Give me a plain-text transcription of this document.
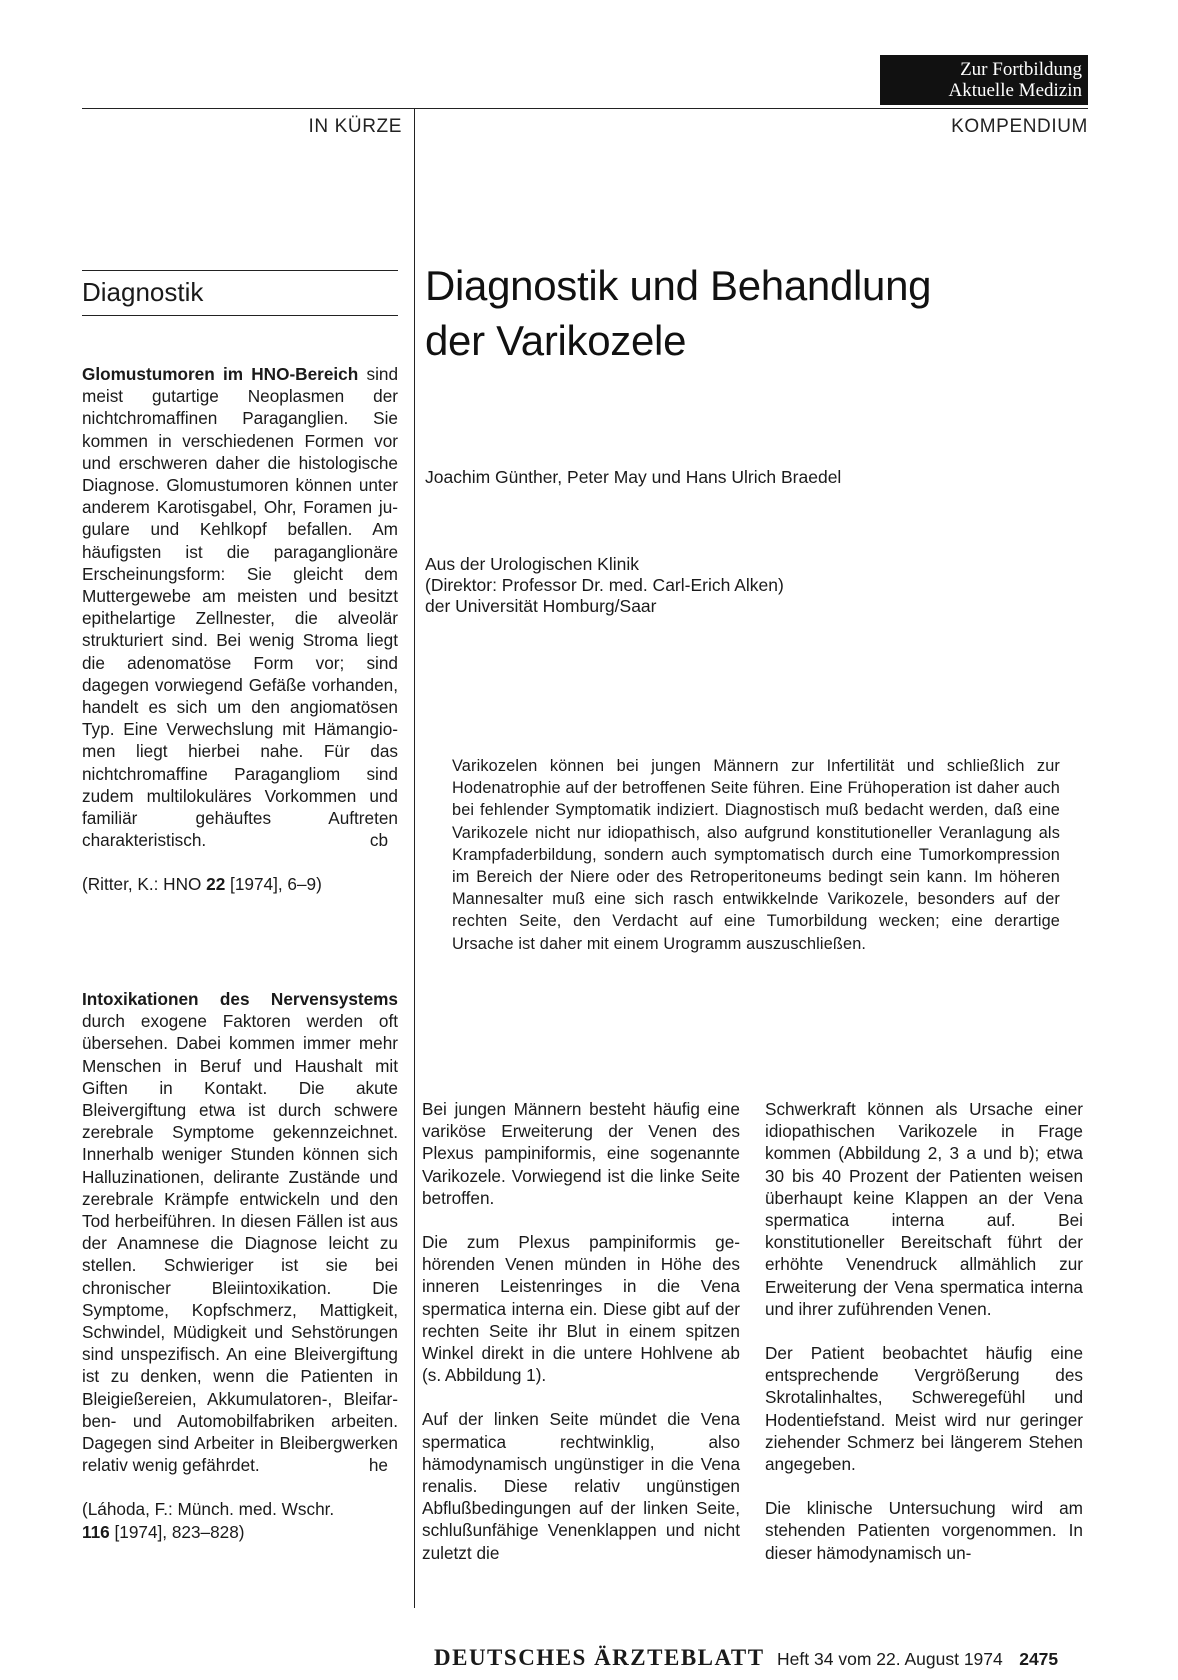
Zur Fortbildung
Aktuelle Medizin
IN KÜRZE	KOMPENDIUM
Diagnostik

Glomustumoren im HNO-Bereich sind meist gutartige Neoplasmen der nichtchromaffinen Paraganglien. Sie kommen in verschiedenen Formen vor und erschweren daher die histologische Diagnose. Glomustumoren können unter anderem Karotisgabel, Ohr, Foramen jugulare und Kehlkopf befallen. Am häufigsten ist die paraganglionäre Erscheinungsform: Sie gleicht dem Muttergewebe am meisten und besitzt epithelartige Zellnester, die alveolär strukturiert sind. Bei wenig Stroma liegt die adenomatöse Form vor; sind dagegen vorwiegend Gefäße vorhanden, handelt es sich um den angiomatösen Typ. Eine Verwechslung mit Hämangiomen liegt hierbei nahe. Für das nichtchromaffine Paragangliom sind zudem multilokuläres Vorkommen und familiär gehäuftes Auftreten charakteristisch.	cb

(Ritter, K.: HNO 22 [1974], 6–9)

Intoxikationen des Nervensystems durch exogene Faktoren werden oft übersehen. Dabei kommen immer mehr Menschen in Beruf und Haushalt mit Giften in Kontakt. Die akute Bleivergiftung etwa ist durch schwere zerebrale Symptome gekennzeichnet. Innerhalb weniger Stunden können sich Halluzinationen, delirante Zustände und zerebrale Krämpfe entwickeln und den Tod herbeiführen. In diesen Fällen ist aus der Anamnese die Diagnose leicht zu stellen. Schwieriger ist sie bei chronischer Bleiintoxikation. Die Symptome, Kopfschmerz, Mattigkeit, Schwindel, Müdigkeit und Sehstörungen sind unspezifisch. An eine Bleivergiftung ist zu denken, wenn die Patienten in Bleigießereien, Akkumulatoren-, Bleifarben- und Automobilfabriken arbeiten. Dagegen sind Arbeiter in Bleibergwerken relativ wenig gefährdet.	he

(Láhoda, F.: Münch. med. Wschr.
116 [1974], 823–828)

Diagnostik und Behandlung
der Varikozele
Joachim Günther, Peter May und Hans Ulrich Braedel
Aus der Urologischen Klinik
(Direktor: Professor Dr. med. Carl-Erich Alken)
der Universität Homburg/Saar
Varikozelen können bei jungen Männern zur Infertilität und schließlich zur Hodenatrophie auf der betroffenen Seite führen. Eine Frühoperation ist daher auch bei fehlender Symptomatik indiziert. Diagnostisch muß bedacht werden, daß eine Varikozele nicht nur idiopathisch, also aufgrund konstitutioneller Veranlagung als Krampfaderbildung, sondern auch symptomatisch durch eine Tumorkompression im Bereich der Niere oder des Retroperitoneums bedingt sein kann. Im höheren Mannesalter muß eine sich rasch entwikkelnde Varikozele, besonders auf der rechten Seite, den Verdacht auf eine Tumorbildung wecken; eine derartige Ursache ist daher mit einem Urogramm auszuschließen.

Bei jungen Männern besteht häufig eine variköse Erweiterung der Venen des Plexus pampiniformis, eine sogenannte Varikozele. Vorwiegend ist die linke Seite betroffen.

Die zum Plexus pampiniformis gehörenden Venen münden in Höhe des inneren Leistenringes in die Vena spermatica interna ein. Diese gibt auf der rechten Seite ihr Blut in einem spitzen Winkel direkt in die untere Hohlvene ab (s. Abbildung 1).

Auf der linken Seite mündet die Vena spermatica rechtwinklig, also hämodynamisch ungünstiger in die Vena renalis. Diese relativ ungünstigen Abflußbedingungen auf der linken Seite, schlußunfähige Venenklappen und nicht zuletzt die

Schwerkraft können als Ursache einer idiopathischen Varikozele in Frage kommen (Abbildung 2, 3 a und b); etwa 30 bis 40 Prozent der Patienten weisen überhaupt keine Klappen an der Vena spermatica interna auf. Bei konstitutioneller Bereitschaft führt der erhöhte Venendruck allmählich zur Erweiterung der Vena spermatica interna und ihrer zuführenden Venen.

Der Patient beobachtet häufig eine entsprechende Vergrößerung des Skrotalinhaltes, Schweregefühl und Hodentiefstand. Meist wird nur geringer ziehender Schmerz bei längerem Stehen angegeben.

Die klinische Untersuchung wird am stehenden Patienten vorgenommen. In dieser hämodynamisch un-

DEUTSCHES ÄRZTEBLATT Heft 34 vom 22. August 1974 2475
